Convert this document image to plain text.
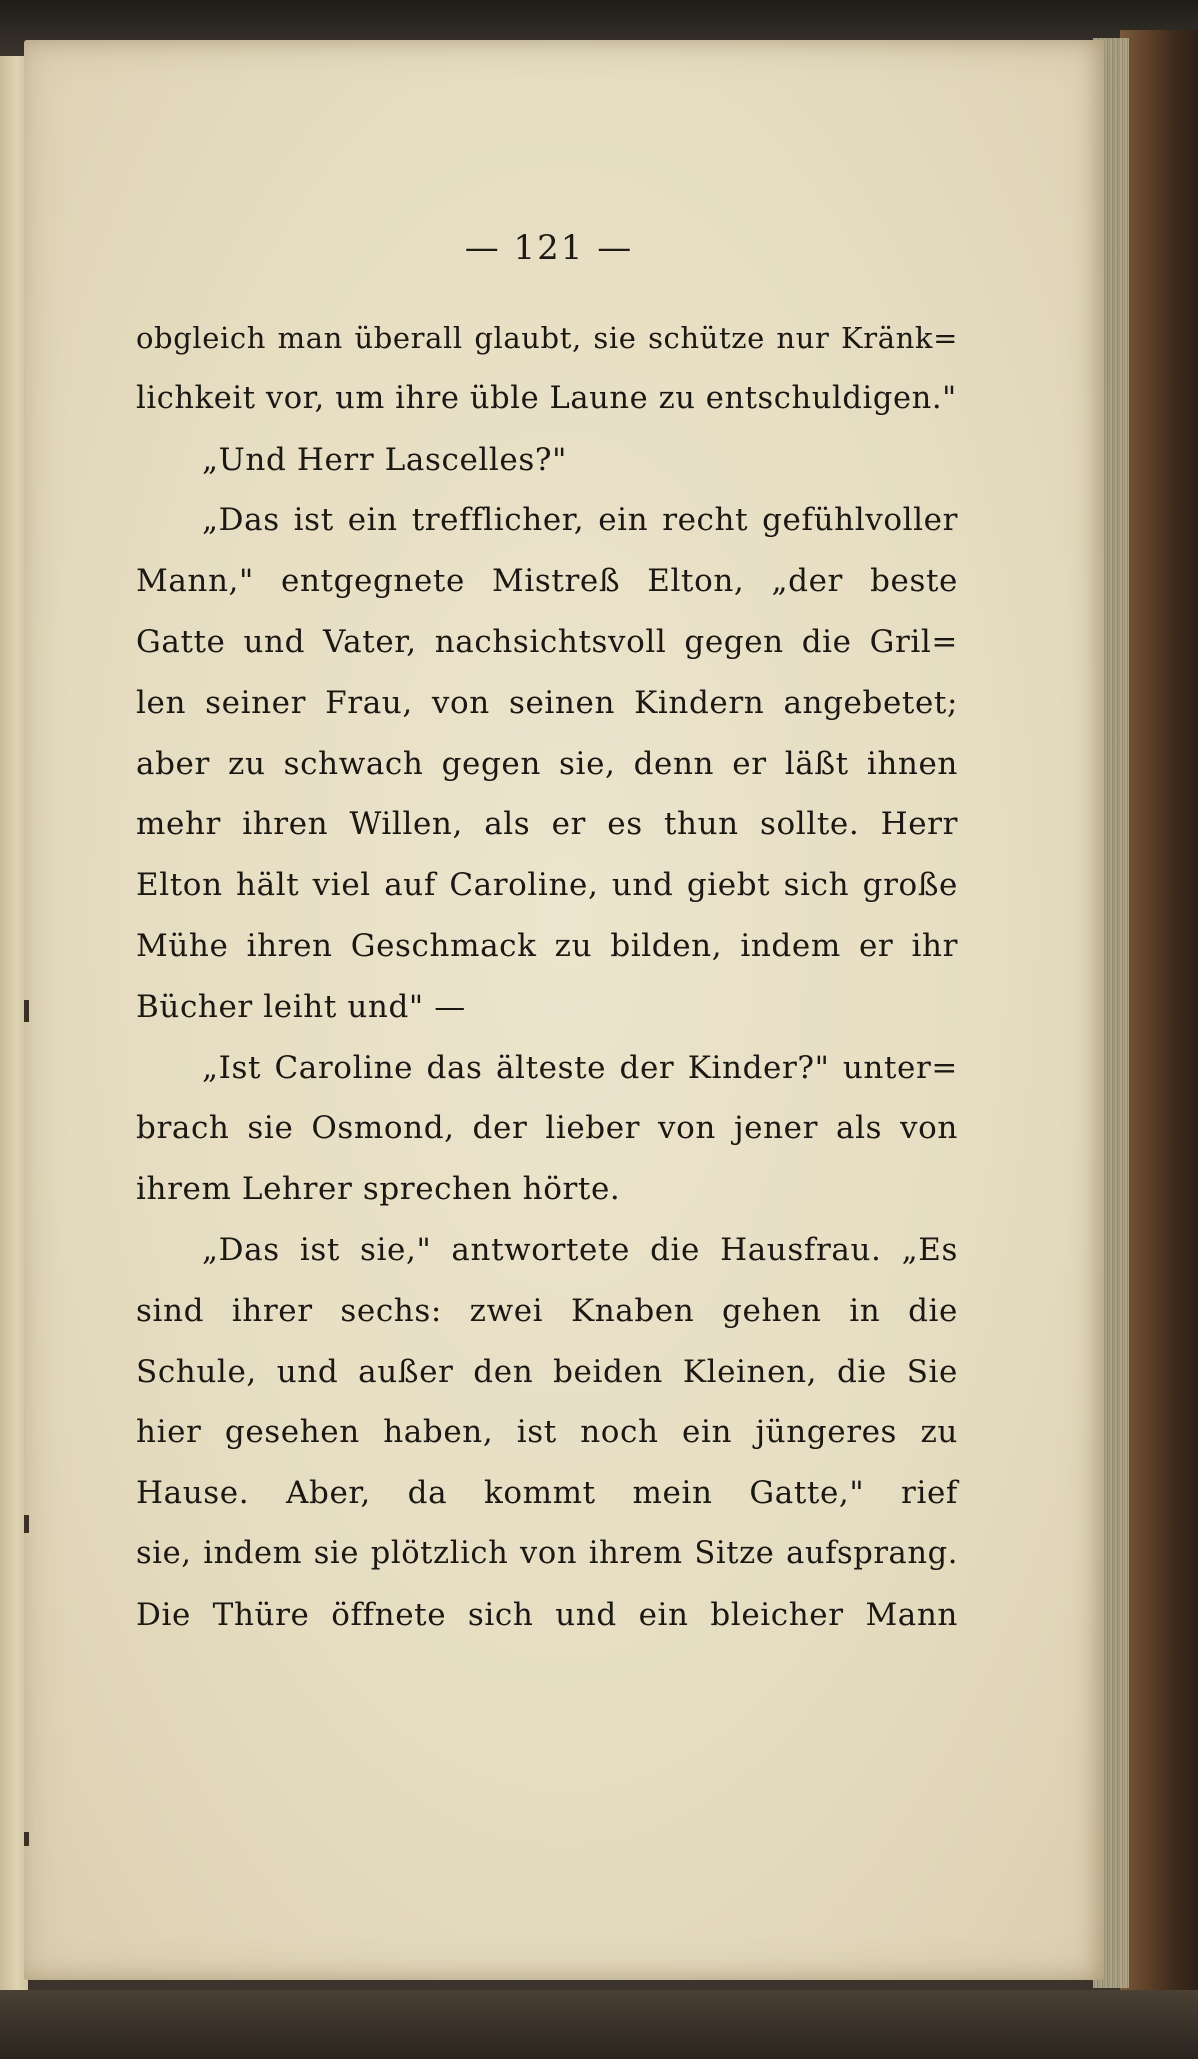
— 121 —
obgleich man überall glaubt, sie schütze nur Kränk=
lichkeit vor, um ihre üble Laune zu entschuldigen."
„Und Herr Lascelles?"
„Das ist ein trefflicher, ein recht gefühlvoller
Mann," entgegnete Mistreß Elton, „der beste
Gatte und Vater, nachsichtsvoll gegen die Gril=
len seiner Frau, von seinen Kindern angebetet;
aber zu schwach gegen sie, denn er läßt ihnen
mehr ihren Willen, als er es thun sollte. Herr
Elton hält viel auf Caroline, und giebt sich große
Mühe ihren Geschmack zu bilden, indem er ihr
Bücher leiht und" —
„Ist Caroline das älteste der Kinder?" unter=
brach sie Osmond, der lieber von jener als von
ihrem Lehrer sprechen hörte.
„Das ist sie," antwortete die Hausfrau. „Es
sind ihrer sechs: zwei Knaben gehen in die
Schule, und außer den beiden Kleinen, die Sie
hier gesehen haben, ist noch ein jüngeres zu
Hause. Aber, da kommt mein Gatte," rief
sie, indem sie plötzlich von ihrem Sitze aufsprang.
Die Thüre öffnete sich und ein bleicher Mann
